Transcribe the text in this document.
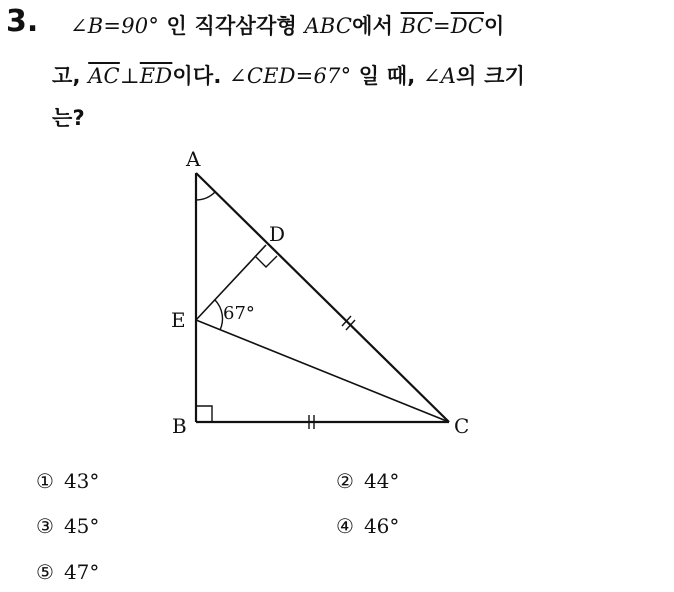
3. ∠B=90° 인 직각삼각형 ABC에서 $\overline{BC}=\overline{DC}$이
고, $\overline{AC}\perp\overline{ED}$이다. ∠CED=67° 일 때, ∠A의 크기
는?
A
D
E
B	C
67°
① 43°	② 44°
③ 45°	④ 46°
⑤ 47°
